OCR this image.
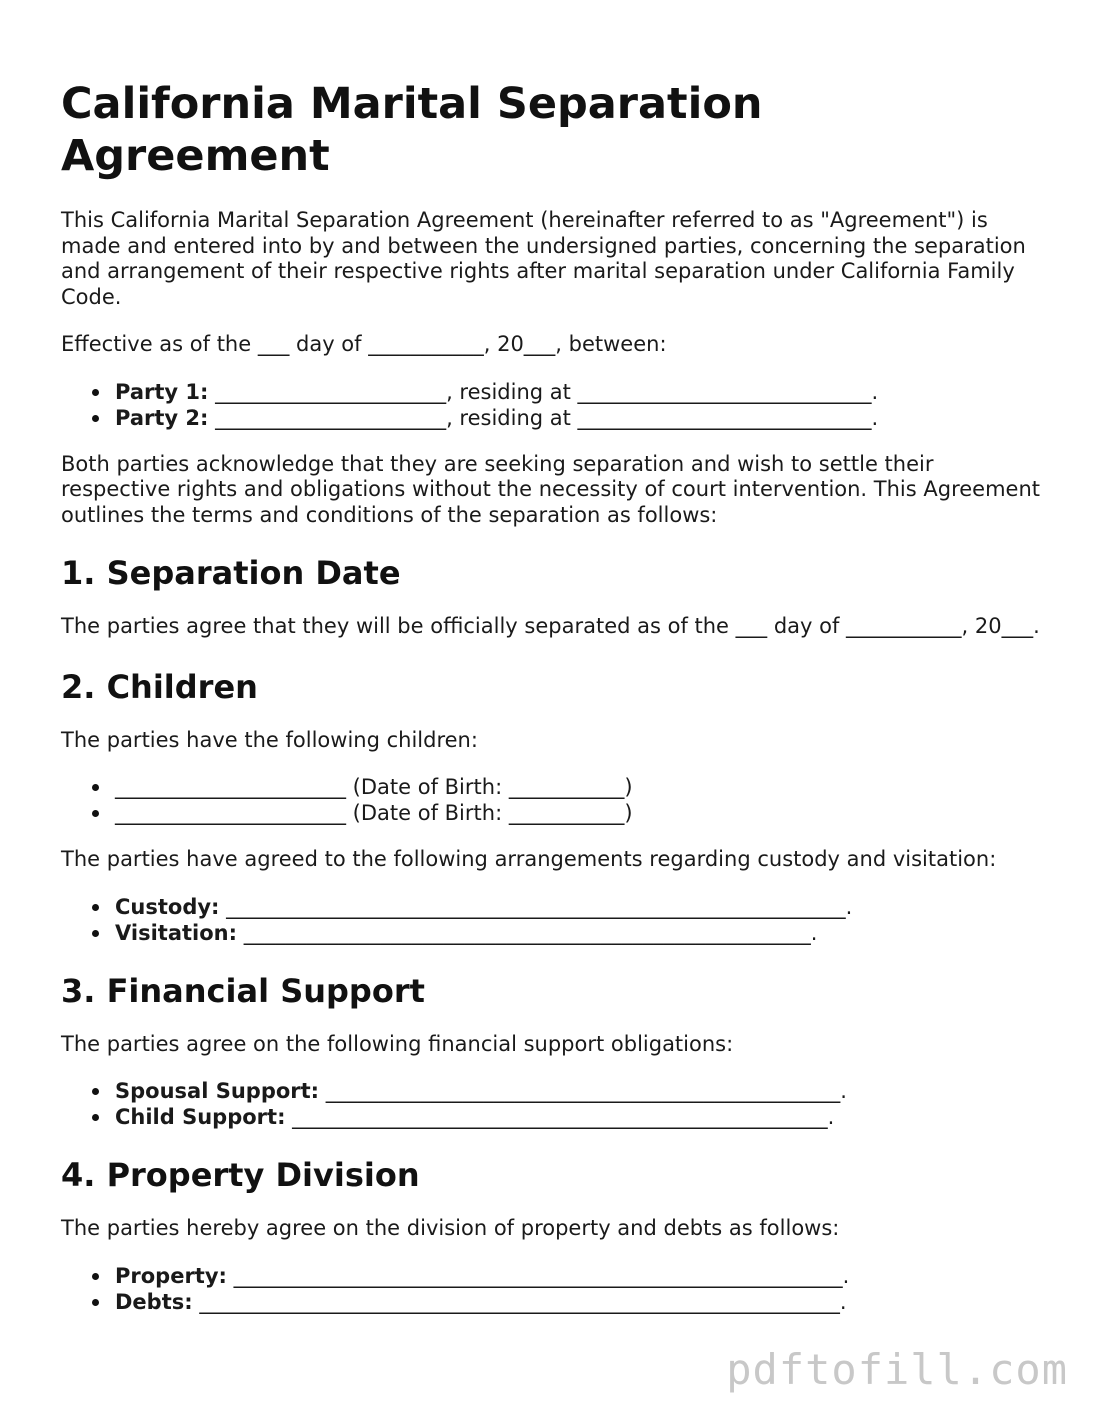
California Marital Separation Agreement

This California Marital Separation Agreement (hereinafter referred to as "Agreement") is made and entered into by and between the undersigned parties, concerning the separation and arrangement of their respective rights after marital separation under California Family Code.

Effective as of the ___ day of ___________, 20___, between:

Party 1: ______________________, residing at ____________________________.
Party 2: ______________________, residing at ____________________________.

Both parties acknowledge that they are seeking separation and wish to settle their respective rights and obligations without the necessity of court intervention. This Agreement outlines the terms and conditions of the separation as follows:

1. Separation Date

The parties agree that they will be officially separated as of the ___ day of ___________, 20___.

2. Children

The parties have the following children:

______________________ (Date of Birth: ___________)
______________________ (Date of Birth: ___________)

The parties have agreed to the following arrangements regarding custody and visitation:

Custody: ___________________________________________________________.
Visitation: ______________________________________________________.
3. Financial Support

The parties agree on the following financial support obligations:

Spousal Support: _________________________________________________.
Child Support: ___________________________________________________.
4. Property Division

The parties hereby agree on the division of property and debts as follows:

Property: __________________________________________________________.
Debts: _____________________________________________________________.
pdftofill.com
